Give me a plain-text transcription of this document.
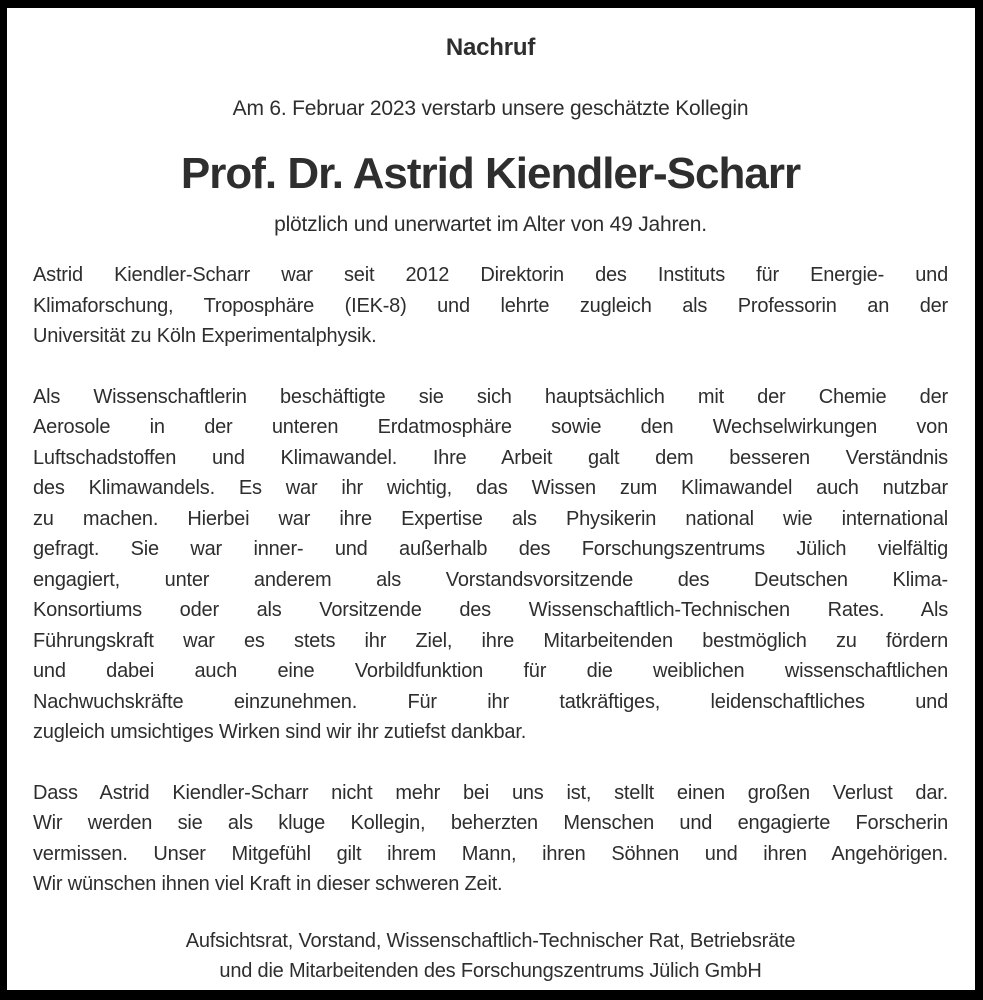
Nachruf
Am 6. Februar 2023 verstarb unsere geschätzte Kollegin
Prof. Dr. Astrid Kiendler-Scharr
plötzlich und unerwartet im Alter von 49 Jahren.
Astrid Kiendler-Scharr war seit 2012 Direktorin des Instituts für Energie- und
Klimaforschung, Troposphäre (IEK-8) und lehrte zugleich als Professorin an der
Universität zu Köln Experimentalphysik.
Als Wissenschaftlerin beschäftigte sie sich hauptsächlich mit der Chemie der
Aerosole in der unteren Erdatmosphäre sowie den Wechselwirkungen von
Luftschadstoffen und Klimawandel. Ihre Arbeit galt dem besseren Verständnis
des Klimawandels. Es war ihr wichtig, das Wissen zum Klimawandel auch nutzbar
zu machen. Hierbei war ihre Expertise als Physikerin national wie international
gefragt. Sie war inner- und außerhalb des Forschungszentrums Jülich vielfältig
engagiert, unter anderem als Vorstandsvorsitzende des Deutschen Klima-
Konsortiums oder als Vorsitzende des Wissenschaftlich-Technischen Rates. Als
Führungskraft war es stets ihr Ziel, ihre Mitarbeitenden bestmöglich zu fördern
und dabei auch eine Vorbildfunktion für die weiblichen wissenschaftlichen
Nachwuchskräfte einzunehmen. Für ihr tatkräftiges, leidenschaftliches und
zugleich umsichtiges Wirken sind wir ihr zutiefst dankbar.
Dass Astrid Kiendler-Scharr nicht mehr bei uns ist, stellt einen großen Verlust dar.
Wir werden sie als kluge Kollegin, beherzten Menschen und engagierte Forscherin
vermissen. Unser Mitgefühl gilt ihrem Mann, ihren Söhnen und ihren Angehörigen.
Wir wünschen ihnen viel Kraft in dieser schweren Zeit.
Aufsichtsrat, Vorstand, Wissenschaftlich-Technischer Rat, Betriebsräte
und die Mitarbeitenden des Forschungszentrums Jülich GmbH
